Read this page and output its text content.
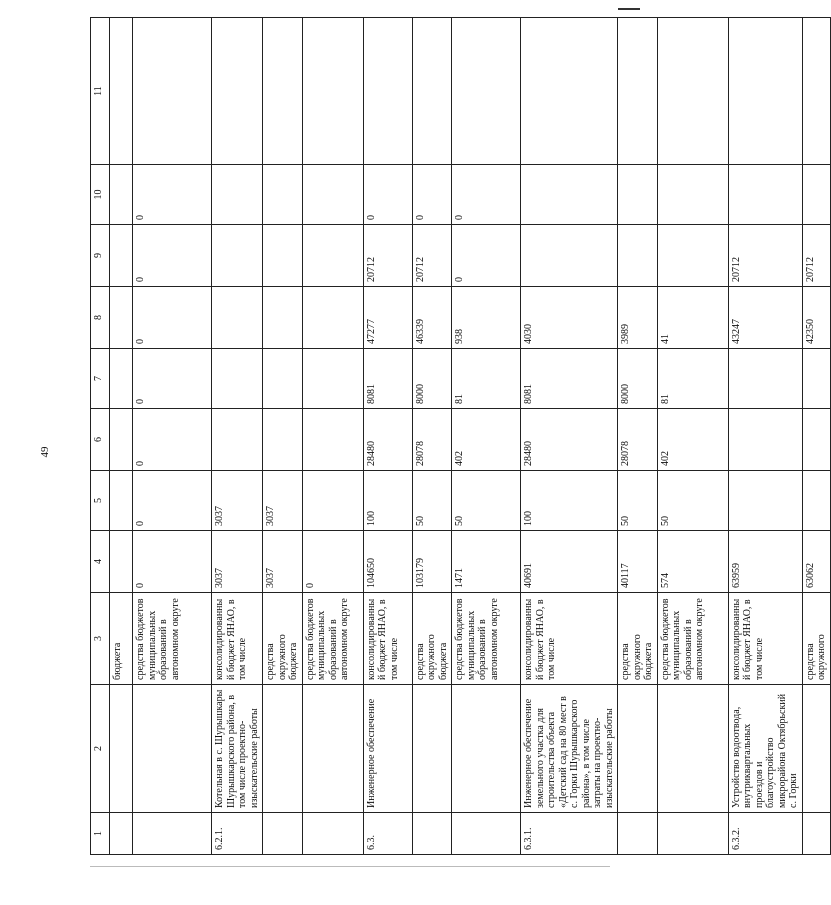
49
1	2	3	4	5	6	7	8	9	10	11
		бюджета								
		средства бюджетов муниципальных образований в автономном округе	0	0	0	0	0	0	0	
6.2.1.	Котельная в с. Шурышкары Шурышкарского района, в том числе проектно-изыскательские работы	консолидированный бюджет ЯНАО, в том числе	3037	3037						
		средства окружного бюджета	3037	3037						
		средства бюджетов муниципальных образований в автономном округе	0							
6.3.	Инженерное обеспечение	консолидированный бюджет ЯНАО, в том числе	104650	100	28480	8081	47277	20712	0	
		средства окружного бюджета	103179	50	28078	8000	46339	20712	0	
		средства бюджетов муниципальных образований в автономном округе	1471	50	402	81	938	0	0	
6.3.1.	Инженерное обеспечение земельного участка для строительства объекта «Детский сад на 80 мест в с. Горки Шурышкарского района», в том числе затраты на проектно-изыскательские работы	консолидированный бюджет ЯНАО, в том числе	40691	100	28480	8081	4030			
		средства окружного бюджета	40117	50	28078	8000	3989			
		средства бюджетов муниципальных образований в автономном округе	574	50	402	81	41			
6.3.2.	Устройство водоотвода, внутриквартальных проездов и благоустройство микрорайона Октябрьский с. Горки	консолидированный бюджет ЯНАО, в том числе	63959				43247	20712		
		средства окружного	63062				42350	20712		
